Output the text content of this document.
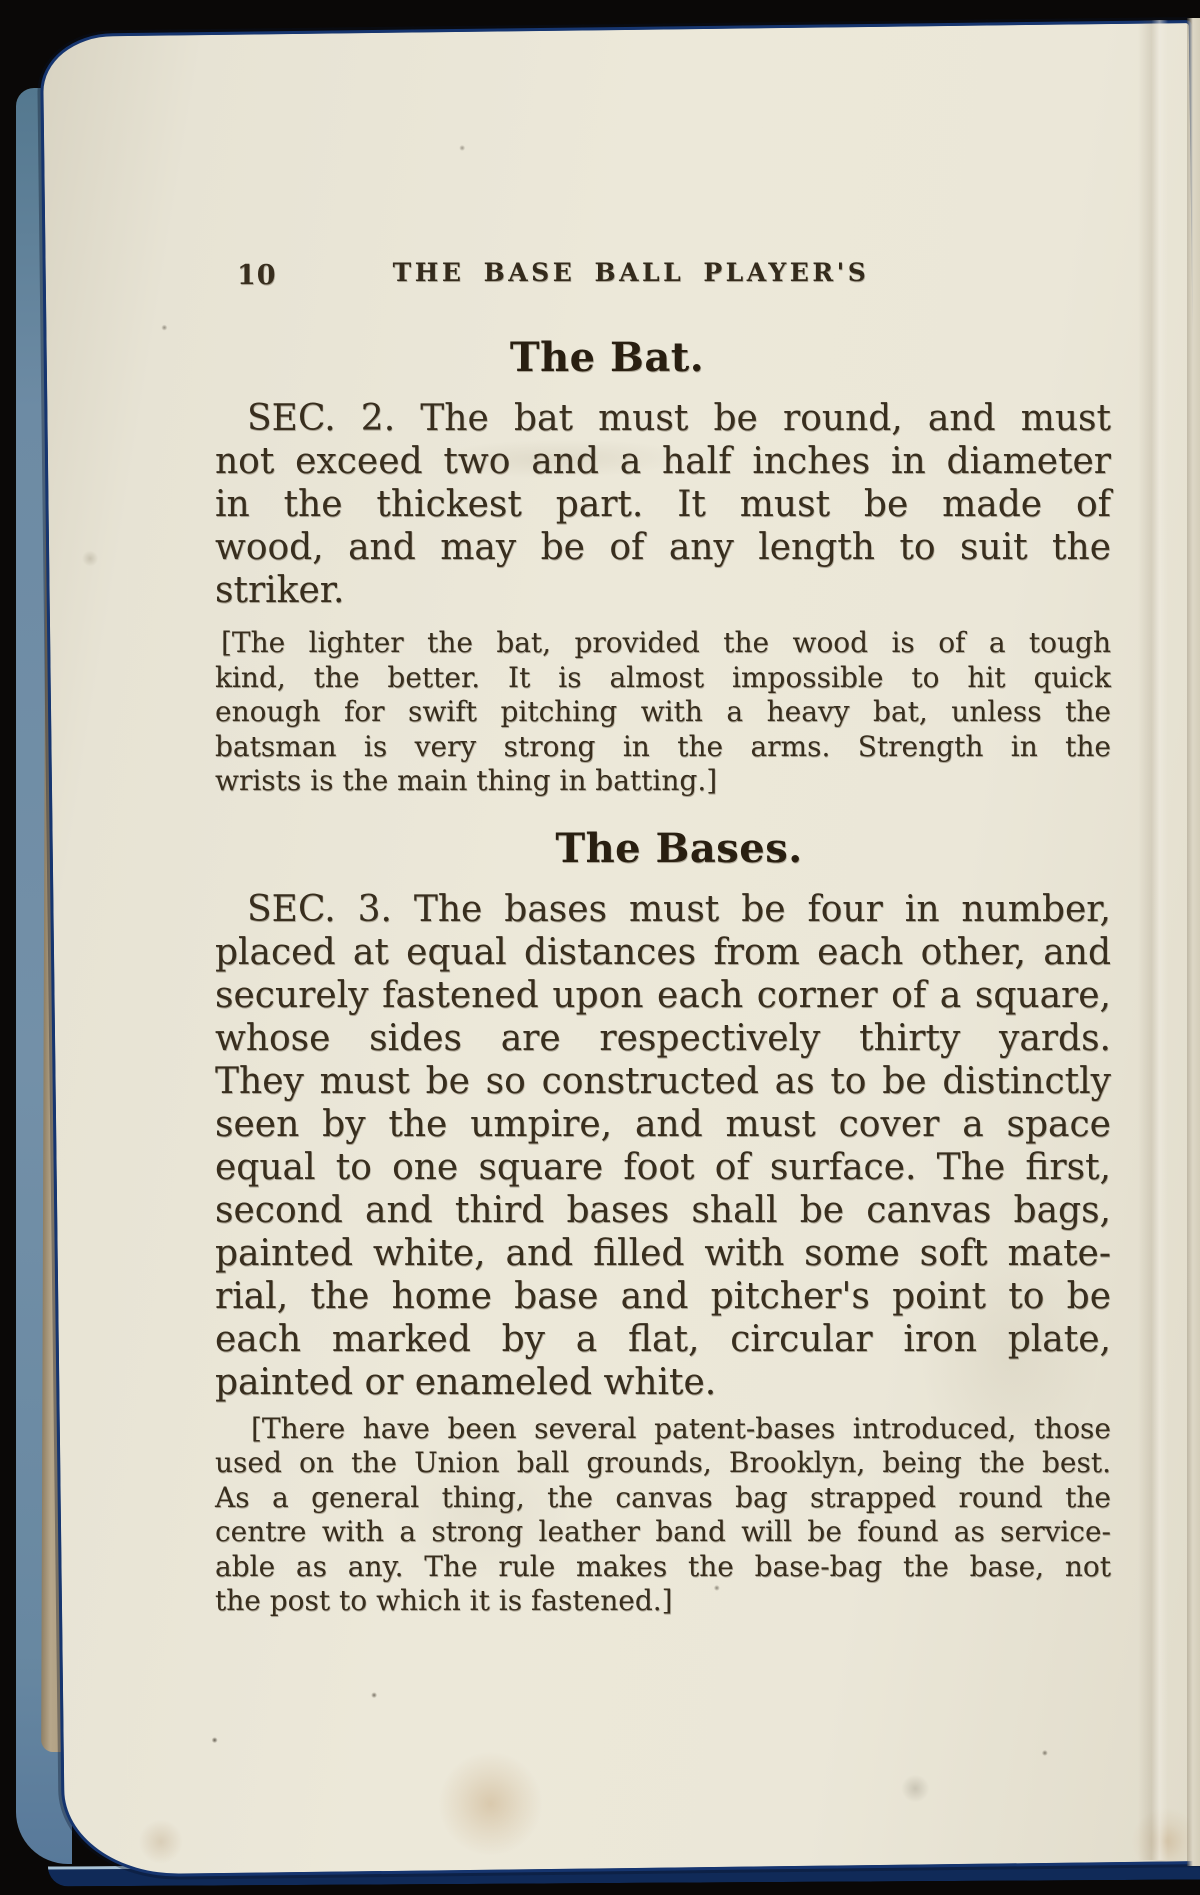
10	THE BASE BALL PLAYER'S
The Bat.
SEC. 2. The bat must be round, and must
not exceed two and a half inches in diameter
in the thickest part. It must be made of
wood, and may be of any length to suit the
striker.
[The lighter the bat, provided the wood is of a tough
kind, the better. It is almost impossible to hit quick
enough for swift pitching with a heavy bat, unless the
batsman is very strong in the arms. Strength in the
wrists is the main thing in batting.]
The Bases.
SEC. 3. The bases must be four in number,
placed at equal distances from each other, and
securely fastened upon each corner of a square,
whose sides are respectively thirty yards.
They must be so constructed as to be distinctly
seen by the umpire, and must cover a space
equal to one square foot of surface. The first,
second and third bases shall be canvas bags,
painted white, and filled with some soft mate-
rial, the home base and pitcher's point to be
each marked by a flat, circular iron plate,
painted or enameled white.
[There have been several patent-bases introduced, those
used on the Union ball grounds, Brooklyn, being the best.
As a general thing, the canvas bag strapped round the
centre with a strong leather band will be found as service-
able as any. The rule makes the base-bag the base, not
the post to which it is fastened.]
